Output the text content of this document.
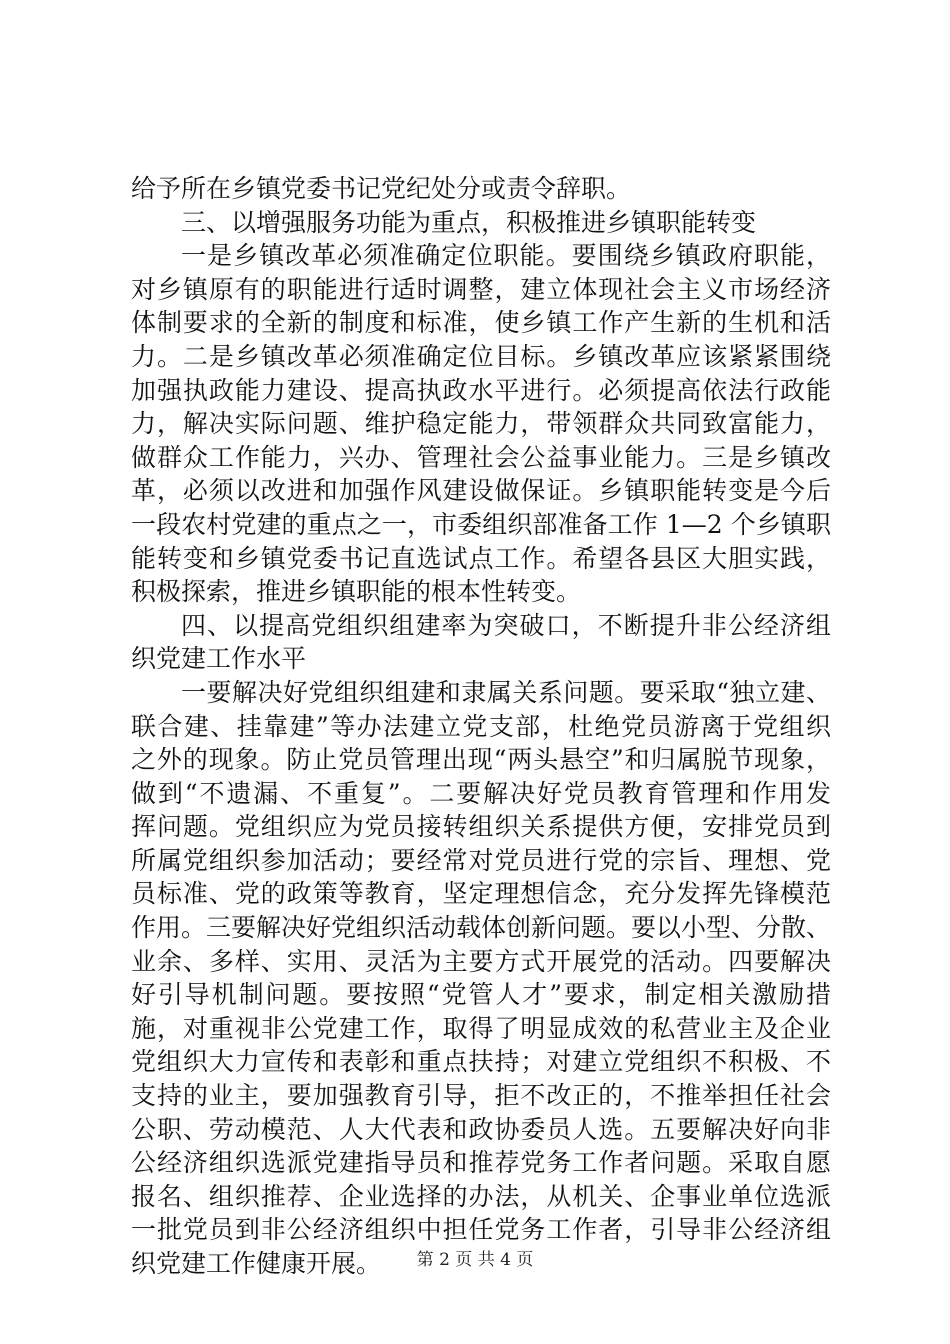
给予所在乡镇党委书记党纪处分或责令辞职。
三、以增强服务功能为重点，积极推进乡镇职能转变
一是乡镇改革必须准确定位职能。要围绕乡镇政府职能，
对乡镇原有的职能进行适时调整，建立体现社会主义市场经济
体制要求的全新的制度和标准，使乡镇工作产生新的生机和活
力。二是乡镇改革必须准确定位目标。乡镇改革应该紧紧围绕
加强执政能力建设、提高执政水平进行。必须提高依法行政能
力，解决实际问题、维护稳定能力，带领群众共同致富能力，
做群众工作能力，兴办、管理社会公益事业能力。三是乡镇改
革，必须以改进和加强作风建设做保证。乡镇职能转变是今后
一段农村党建的重点之一，市委组织部准备工作 1—2 个乡镇职
能转变和乡镇党委书记直选试点工作。希望各县区大胆实践，
积极探索，推进乡镇职能的根本性转变。
四、以提高党组织组建率为突破口，不断提升非公经济组
织党建工作水平
一要解决好党组织组建和隶属关系问题。要采取“独立建、
联合建、挂靠建”等办法建立党支部，杜绝党员游离于党组织
之外的现象。防止党员管理出现“两头悬空”和归属脱节现象，
做到“不遗漏、不重复”。二要解决好党员教育管理和作用发
挥问题。党组织应为党员接转组织关系提供方便，安排党员到
所属党组织参加活动；要经常对党员进行党的宗旨、理想、党
员标准、党的政策等教育，坚定理想信念，充分发挥先锋模范
作用。三要解决好党组织活动载体创新问题。要以小型、分散、
业余、多样、实用、灵活为主要方式开展党的活动。四要解决
好引导机制问题。要按照“党管人才”要求，制定相关激励措
施，对重视非公党建工作，取得了明显成效的私营业主及企业
党组织大力宣传和表彰和重点扶持；对建立党组织不积极、不
支持的业主，要加强教育引导，拒不改正的，不推举担任社会
公职、劳动模范、人大代表和政协委员人选。五要解决好向非
公经济组织选派党建指导员和推荐党务工作者问题。采取自愿
报名、组织推荐、企业选择的办法，从机关、企事业单位选派
一批党员到非公经济组织中担任党务工作者，引导非公经济组
织党建工作健康开展。	第 2 页 共 4 页
